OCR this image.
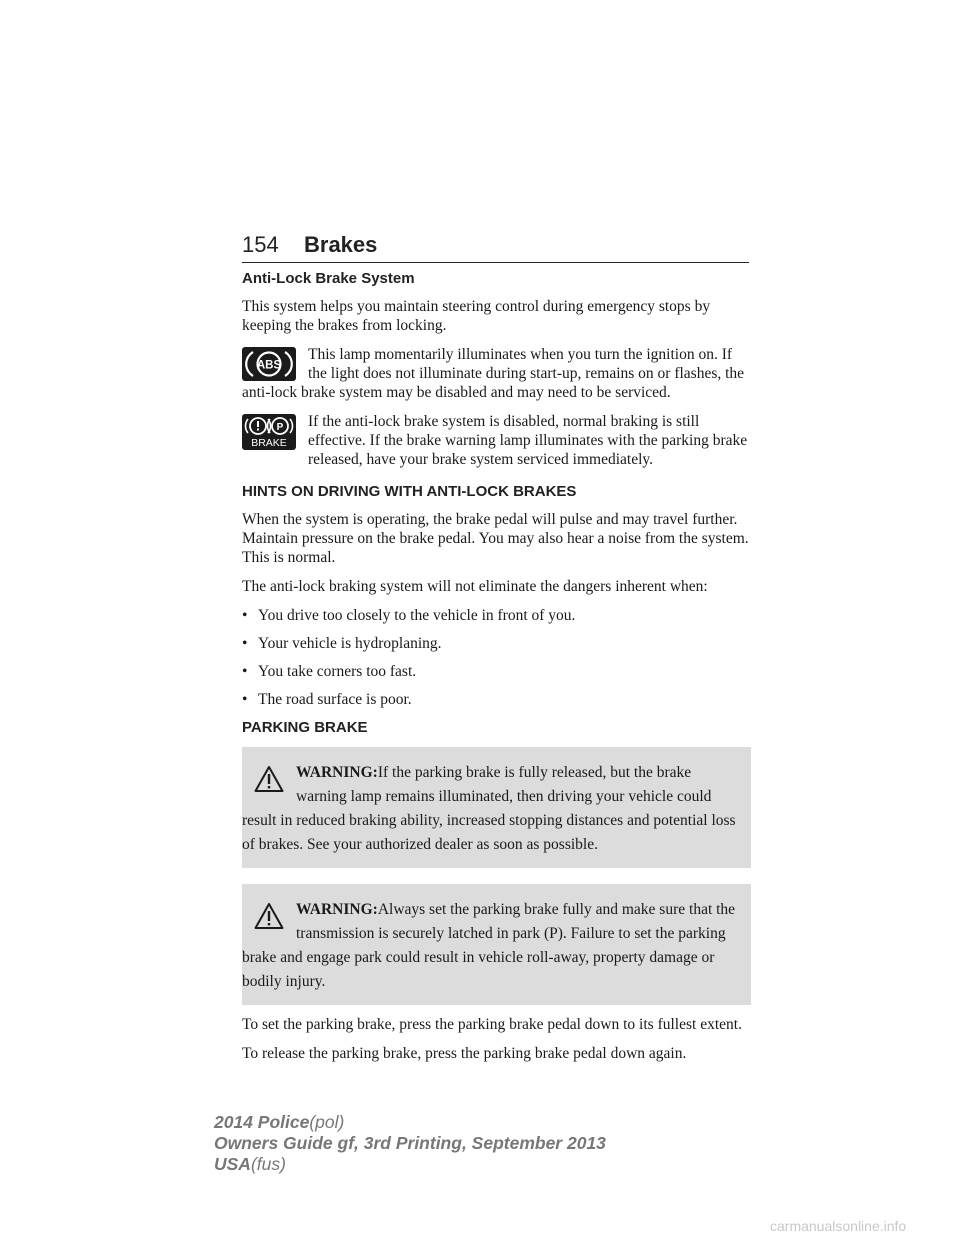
154 Brakes
Anti-Lock Brake System

This system helps you maintain steering control during emergency stops by keeping the brakes from locking.

ABS

This lamp momentarily illuminates when you turn the ignition on. If the light does not illuminate during start-up, remains on or flashes, the anti-lock brake system may be disabled and may need to be serviced.

P
BRAKE

If the anti-lock brake system is disabled, normal braking is still effective. If the brake warning lamp illuminates with the parking brake released, have your brake system serviced immediately.

HINTS ON DRIVING WITH ANTI-LOCK BRAKES

When the system is operating, the brake pedal will pulse and may travel further. Maintain pressure on the brake pedal. You may also hear a noise from the system. This is normal.

The anti-lock braking system will not eliminate the dangers inherent when:

• You drive too closely to the vehicle in front of you.
• Your vehicle is hydroplaning.
• You take corners too fast.
• The road surface is poor.
PARKING BRAKE
WARNING:If the parking brake is fully released, but the brake warning lamp remains illuminated, then driving your vehicle could result in reduced braking ability, increased stopping distances and potential loss of brakes. See your authorized dealer as soon as possible.
WARNING:Always set the parking brake fully and make sure that the transmission is securely latched in park (P). Failure to set the parking brake and engage park could result in vehicle roll-away, property damage or bodily injury.

To set the parking brake, press the parking brake pedal down to its fullest extent.

To release the parking brake, press the parking brake pedal down again.

2014 Police(pol)
Owners Guide gf, 3rd Printing, September 2013
USA(fus)
carmanualsonline.info
